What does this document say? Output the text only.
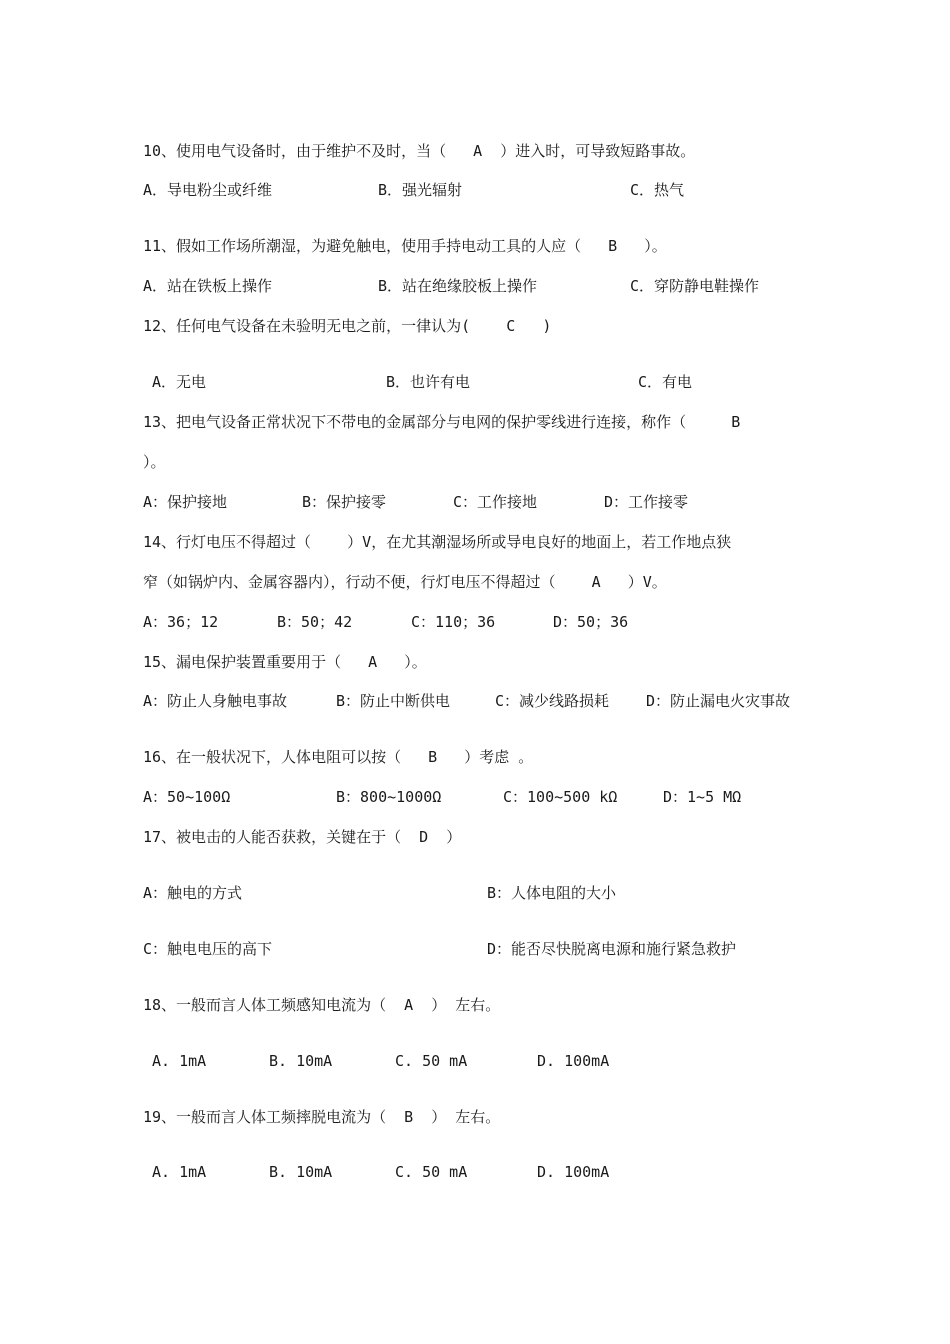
10、使用电气设备时，由于维护不及时，当（   A  ）进入时，可导致短路事故。
A．导电粉尘或纤维	B．强光辐射	C．热气
11、假如工作场所潮湿，为避免触电，使用手持电动工具的人应（   B   ）。
A．站在铁板上操作	B．站在绝缘胶板上操作	C．穿防静电鞋操作
12、任何电气设备在未验明无电之前，一律认为(    C   )
A．无电	B．也许有电	C．有电
13、把电气设备正常状况下不带电的金属部分与电网的保护零线进行连接，称作（     B
）。
A：保护接地	B：保护接零	C：工作接地	D：工作接零
14、行灯电压不得超过（    ）V，在尤其潮湿场所或导电良好的地面上，若工作地点狭
窄（如锅炉内、金属容器内），行动不便，行灯电压不得超过（    A   ）V。
A：36；12	B：50；42	C：110；36	D：50；36
15、漏电保护装置重要用于（   A   ）。
A：防止人身触电事故	B：防止中断供电	C：减少线路损耗 D：防止漏电火灾事故
16、在一般状况下，人体电阻可以按（   B   ）考虑 。
A：50~100Ω	B：800~1000Ω	C：100~500 kΩ	D：1~5 MΩ
17、被电击的人能否获救，关键在于（  D  ）
A：触电的方式	B：人体电阻的大小
C：触电电压的高下	D：能否尽快脱离电源和施行紧急救护
18、一般而言人体工频感知电流为（  A  ） 左右。
A. 1mA	B. 10mA	C. 50 mA	D. 100mA
19、一般而言人体工频摔脱电流为（  B  ） 左右。
A. 1mA	B. 10mA	C. 50 mA	D. 100mA
